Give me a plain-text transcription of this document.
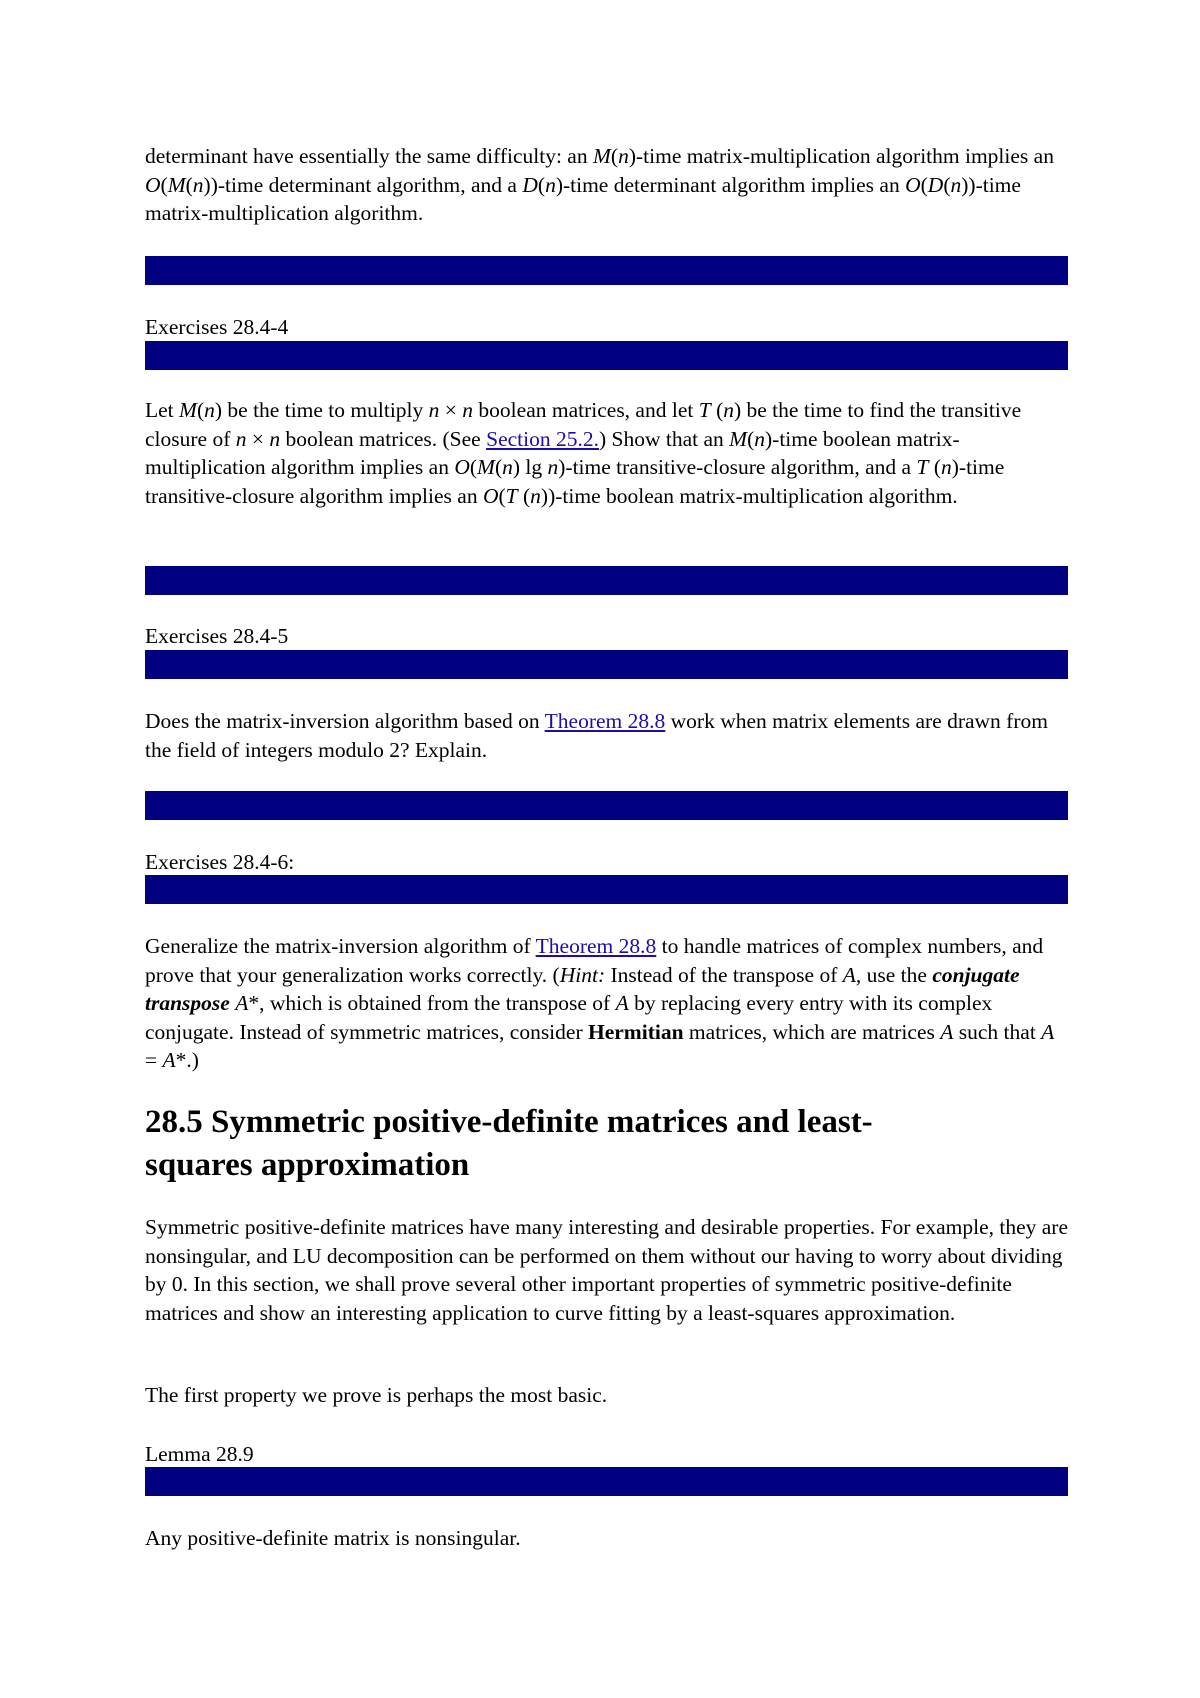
determinant have essentially the same difficulty: an M(n)-time matrix-multiplication algorithm implies an O(M(n))-time determinant algorithm, and a D(n)-time determinant algorithm implies an O(D(n))-time matrix-multiplication algorithm.

Exercises 28.4-4

Let M(n) be the time to multiply n × n boolean matrices, and let T (n) be the time to find the transitive closure of n × n boolean matrices. (See Section 25.2.) Show that an M(n)-time boolean matrix-multiplication algorithm implies an O(M(n) lg n)-time transitive-closure algorithm, and a T (n)-time transitive-closure algorithm implies an O(T (n))-time boolean matrix-multiplication algorithm.

Exercises 28.4-5

Does the matrix-inversion algorithm based on Theorem 28.8 work when matrix elements are drawn from the field of integers modulo 2? Explain.

Exercises 28.4-6:

Generalize the matrix-inversion algorithm of Theorem 28.8 to handle matrices of complex numbers, and prove that your generalization works correctly. (Hint: Instead of the transpose of A, use the conjugate transpose A*, which is obtained from the transpose of A by replacing every entry with its complex conjugate. Instead of symmetric matrices, consider Hermitian matrices, which are matrices A such that A = A*.)

28.5 Symmetric positive-definite matrices and least-squares approximation

Symmetric positive-definite matrices have many interesting and desirable properties. For example, they are nonsingular, and LU decomposition can be performed on them without our having to worry about dividing by 0. In this section, we shall prove several other important properties of symmetric positive-definite matrices and show an interesting application to curve fitting by a least-squares approximation.

The first property we prove is perhaps the most basic.

Lemma 28.9

Any positive-definite matrix is nonsingular.
